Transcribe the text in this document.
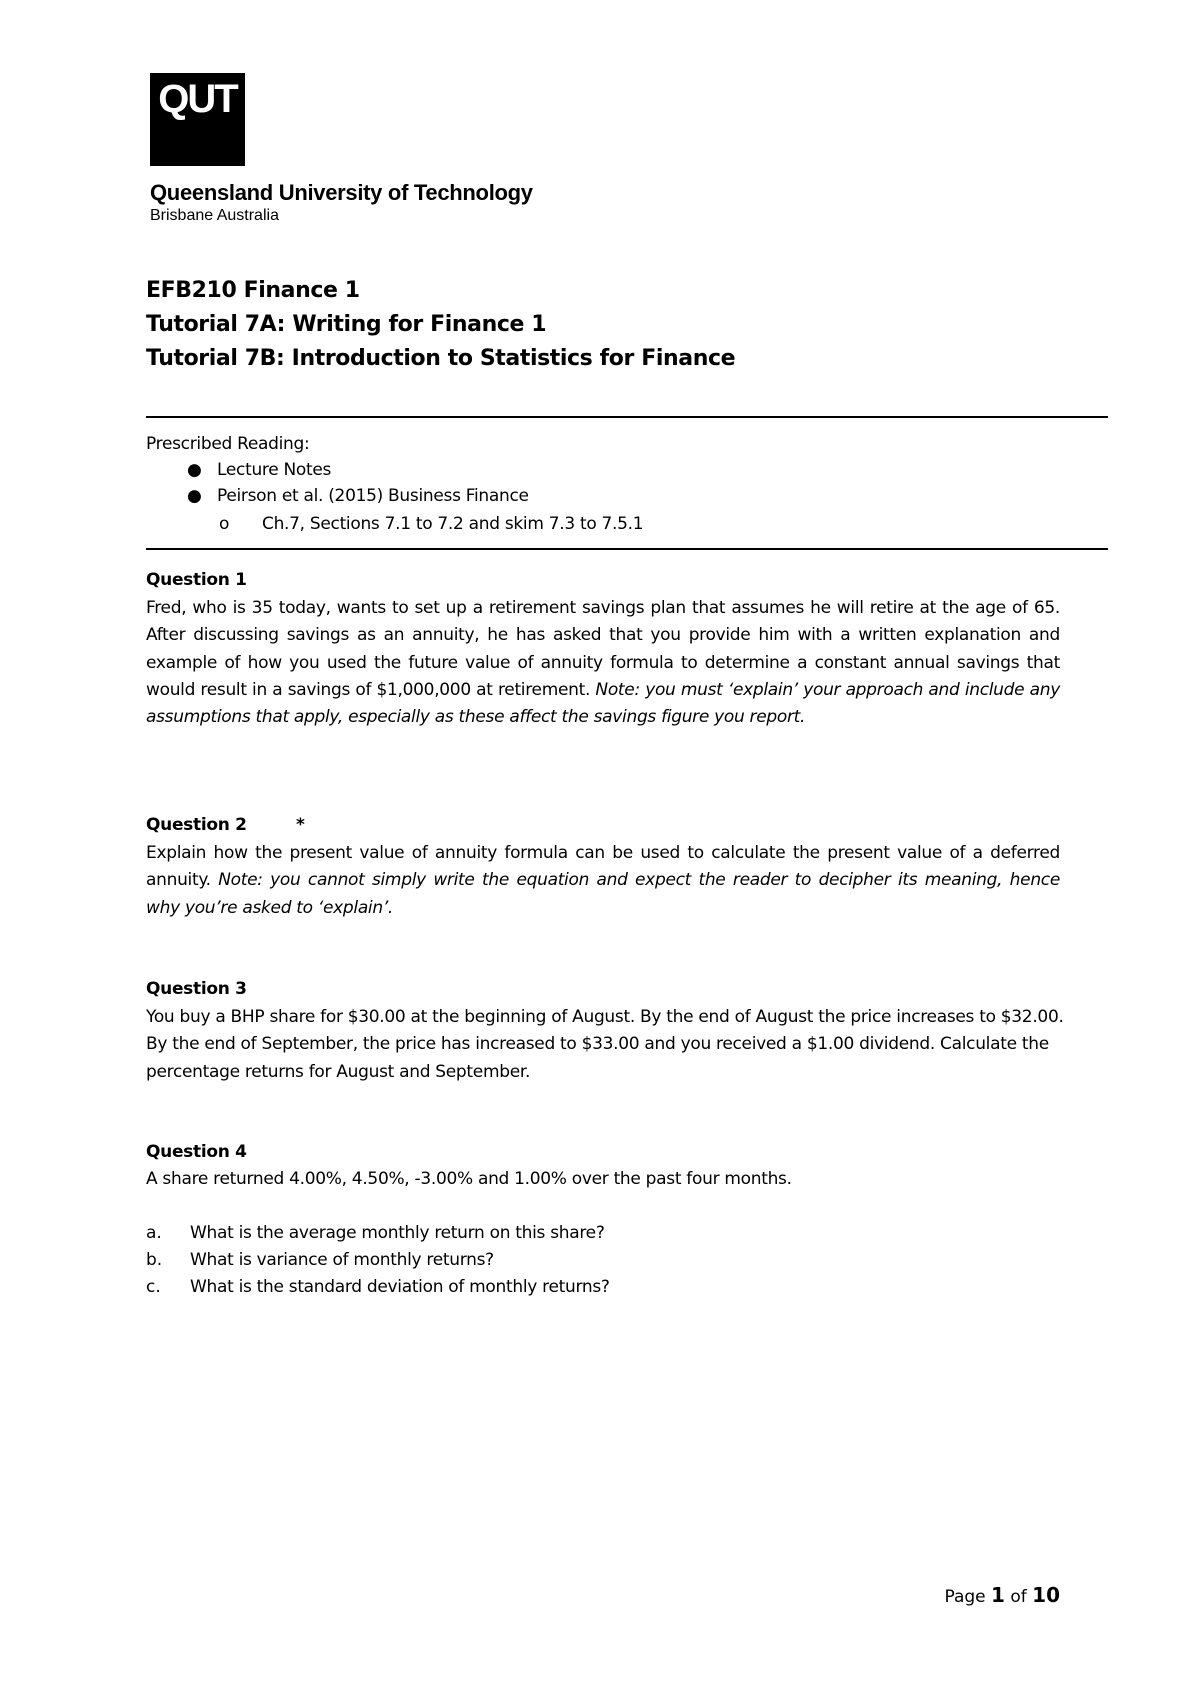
QUT
Queensland University of Technology
Brisbane Australia
EFB210 Finance 1
Tutorial 7A: Writing for Finance 1
Tutorial 7B: Introduction to Statistics for Finance
Prescribed Reading:
● Lecture Notes
● Peirson et al. (2015) Business Finance
o Ch.7, Sections 7.1 to 7.2 and skim 7.3 to 7.5.1
Question 1
Fred, who is 35 today, wants to set up a retirement savings plan that assumes he will retire at the age of 65. After discussing savings as an annuity, he has asked that you provide him with a written explanation and example of how you used the future value of annuity formula to determine a constant annual savings that would result in a savings of $1,000,000 at retirement. Note: you must ‘explain’ your approach and include any assumptions that apply, especially as these affect the savings figure you report.
Question 2	*
Explain how the present value of annuity formula can be used to calculate the present value of a deferred annuity. Note: you cannot simply write the equation and expect the reader to decipher its meaning, hence why you’re asked to ‘explain’.
Question 3
You buy a BHP share for $30.00 at the beginning of August. By the end of August the price increases to $32.00. By the end of September, the price has increased to $33.00 and you received a $1.00 dividend. Calculate the percentage returns for August and September.
Question 4
A share returned 4.00%, 4.50%, -3.00% and 1.00% over the past four months.
a. What is the average monthly return on this share?
b. What is variance of monthly returns?
c. What is the standard deviation of monthly returns?
Page 1 of 10
